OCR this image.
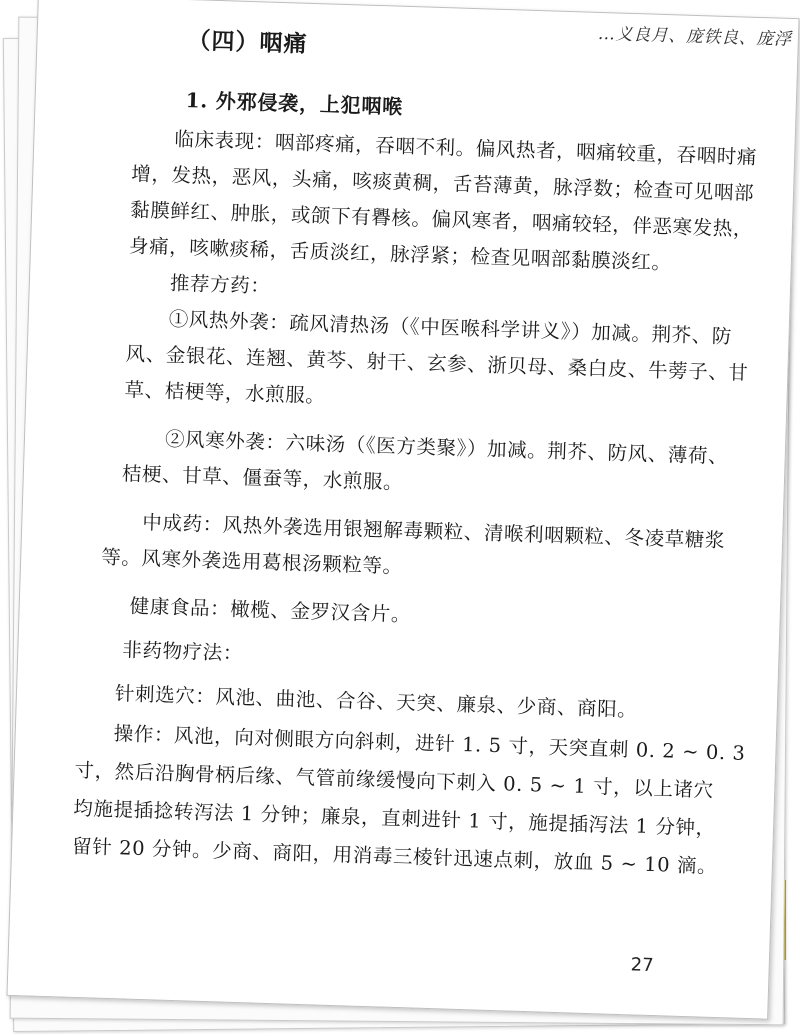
…义良月、庞铁良、庞浮
（四）咽痛
1. 外邪侵袭，上犯咽喉
临床表现：咽部疼痛，吞咽不利。偏风热者，咽痛较重，吞咽时痛
增，发热，恶风，头痛，咳痰黄稠，舌苔薄黄，脉浮数；检查可见咽部
黏膜鲜红、肿胀，或颌下有臖核。偏风寒者，咽痛较轻，伴恶寒发热，
身痛，咳嗽痰稀，舌质淡红，脉浮紧；检查见咽部黏膜淡红。
推荐方药：
①风热外袭：疏风清热汤（《中医喉科学讲义》）加减。荆芥、防
风、金银花、连翘、黄芩、射干、玄参、浙贝母、桑白皮、牛蒡子、甘
草、桔梗等，水煎服。
②风寒外袭：六味汤（《医方类聚》）加减。荆芥、防风、薄荷、
桔梗、甘草、僵蚕等，水煎服。
中成药：风热外袭选用银翘解毒颗粒、清喉利咽颗粒、冬凌草糖浆
等。风寒外袭选用葛根汤颗粒等。
健康食品：橄榄、金罗汉含片。
非药物疗法：
针刺选穴：风池、曲池、合谷、天突、廉泉、少商、商阳。
操作：风池，向对侧眼方向斜刺，进针 1. 5 寸，天突直刺 0. 2 ~ 0. 3
寸，然后沿胸骨柄后缘、气管前缘缓慢向下刺入 0. 5 ~ 1 寸，以上诸穴
均施提插捻转泻法 1 分钟；廉泉，直刺进针 1 寸，施提插泻法 1 分钟，
留针 20 分钟。少商、商阳，用消毒三棱针迅速点刺，放血 5 ~ 10 滴。
27
